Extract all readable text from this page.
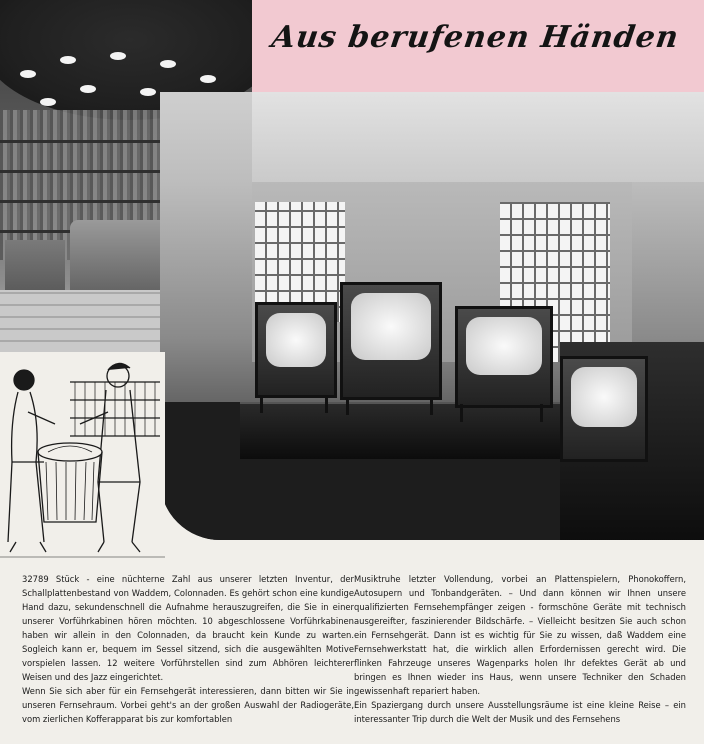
Aus berufenen Händen

32789 Stück - eine nüchterne Zahl aus unserer letzten Inventur, der Schallplattenbestand von Waddem, Colonnaden. Es gehört schon eine kundige Hand dazu, sekundenschnell die Aufnahme herauszugreifen, die Sie in einer unserer Vorführkabinen hören möchten. 10 abgeschlossene Vorführkabinen haben wir allein in den Colonnaden, da braucht kein Kunde zu warten. Sogleich kann er, bequem im Sessel sitzend, sich die ausgewählten Motive vorspielen lassen. 12 weitere Vorführstellen sind zum Abhören leichterer Weisen und des Jazz eingerichtet.

Wenn Sie sich aber für ein Fernsehgerät interessieren, dann bitten wir Sie in unseren Fernsehraum. Vorbei geht's an der großen Auswahl der Radiogeräte, vom zierlichen Kofferapparat bis zur komfortablen

Musiktruhe letzter Vollendung, vorbei an Plattenspielern, Phonokoffern, Autosupern und Tonbandgeräten. – Und dann können wir Ihnen unsere qualifizierten Fernsehempfänger zeigen - formschöne Geräte mit technisch ausgereifter, faszinierender Bildschärfe. – Vielleicht besitzen Sie auch schon ein Fernsehgerät. Dann ist es wichtig für Sie zu wissen, daß Waddem eine Fernsehwerkstatt hat, die wirklich allen Erfordernissen gerecht wird. Die flinken Fahrzeuge unseres Wagenparks holen Ihr defektes Gerät ab und bringen es Ihnen wieder ins Haus, wenn unsere Techniker den Schaden gewissenhaft repariert haben.

Ein Spaziergang durch unsere Ausstellungsräume ist eine kleine Reise – ein interessanter Trip durch die Welt der Musik und des Fernsehens
